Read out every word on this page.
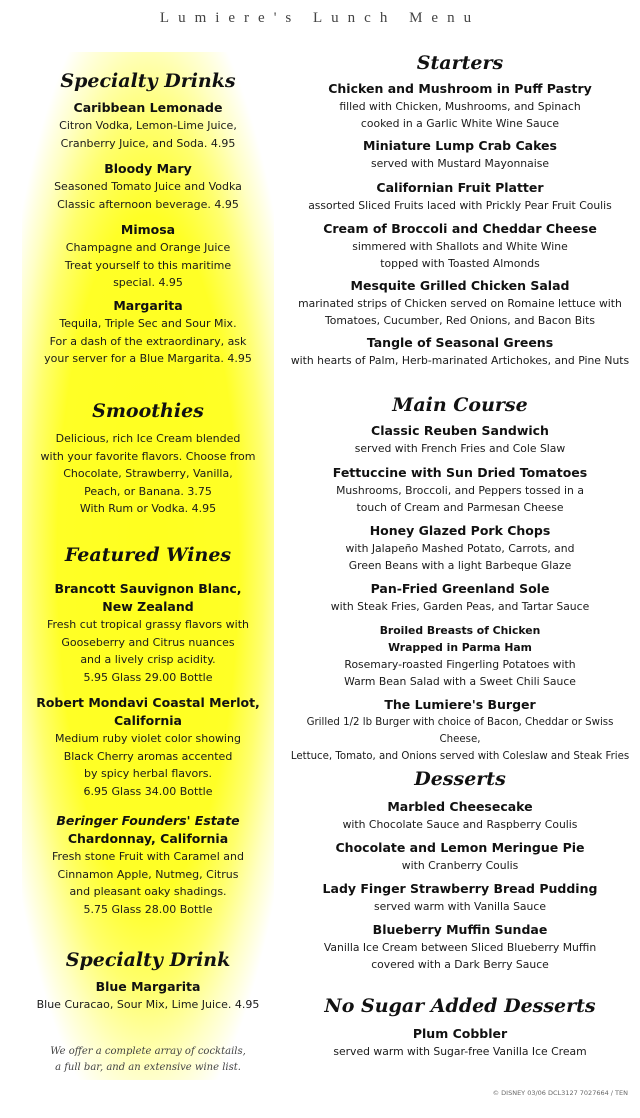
Lumiere's Lunch Menu
Specialty Drinks
Caribbean Lemonade
Citron Vodka, Lemon-Lime Juice,
Cranberry Juice, and Soda. 4.95
Bloody Mary
Seasoned Tomato Juice and Vodka
Classic afternoon beverage. 4.95
Mimosa
Champagne and Orange Juice
Treat yourself to this maritime
special. 4.95
Margarita
Tequila, Triple Sec and Sour Mix.
For a dash of the extraordinary, ask
your server for a Blue Margarita. 4.95
Smoothies
Delicious, rich Ice Cream blended
with your favorite flavors. Choose from
Chocolate, Strawberry, Vanilla,
Peach, or Banana. 3.75
With Rum or Vodka. 4.95
Featured Wines
Brancott Sauvignon Blanc,
New Zealand
Fresh cut tropical grassy flavors with
Gooseberry and Citrus nuances
and a lively crisp acidity.
5.95 Glass 29.00 Bottle
Robert Mondavi Coastal Merlot,
California
Medium ruby violet color showing
Black Cherry aromas accented
by spicy herbal flavors.
6.95 Glass 34.00 Bottle
Beringer Founders' Estate
Chardonnay, California
Fresh stone Fruit with Caramel and
Cinnamon Apple, Nutmeg, Citrus
and pleasant oaky shadings.
5.75 Glass 28.00 Bottle
Specialty Drink
Blue Margarita
Blue Curacao, Sour Mix, Lime Juice. 4.95
We offer a complete array of cocktails,
a full bar, and an extensive wine list.
Starters
Chicken and Mushroom in Puff Pastry
filled with Chicken, Mushrooms, and Spinach
cooked in a Garlic White Wine Sauce
Miniature Lump Crab Cakes
served with Mustard Mayonnaise
Californian Fruit Platter
assorted Sliced Fruits laced with Prickly Pear Fruit Coulis
Cream of Broccoli and Cheddar Cheese
simmered with Shallots and White Wine
topped with Toasted Almonds
Mesquite Grilled Chicken Salad
marinated strips of Chicken served on Romaine lettuce with
Tomatoes, Cucumber, Red Onions, and Bacon Bits
Tangle of Seasonal Greens
with hearts of Palm, Herb-marinated Artichokes, and Pine Nuts
Main Course
Classic Reuben Sandwich
served with French Fries and Cole Slaw
Fettuccine with Sun Dried Tomatoes
Mushrooms, Broccoli, and Peppers tossed in a
touch of Cream and Parmesan Cheese
Honey Glazed Pork Chops
with Jalapeño Mashed Potato, Carrots, and
Green Beans with a light Barbeque Glaze
Pan-Fried Greenland Sole
with Steak Fries, Garden Peas, and Tartar Sauce
Broiled Breasts of Chicken
Wrapped in Parma Ham
Rosemary-roasted Fingerling Potatoes with
Warm Bean Salad with a Sweet Chili Sauce
The Lumiere's Burger
Grilled 1/2 lb Burger with choice of Bacon, Cheddar or Swiss Cheese,
Lettuce, Tomato, and Onions served with Coleslaw and Steak Fries
Desserts
Marbled Cheesecake
with Chocolate Sauce and Raspberry Coulis
Chocolate and Lemon Meringue Pie
with Cranberry Coulis
Lady Finger Strawberry Bread Pudding
served warm with Vanilla Sauce
Blueberry Muffin Sundae
Vanilla Ice Cream between Sliced Blueberry Muffin
covered with a Dark Berry Sauce
No Sugar Added Desserts
Plum Cobbler
served warm with Sugar-free Vanilla Ice Cream
© DISNEY 03/06 DCL3127 7027664 / TEN
